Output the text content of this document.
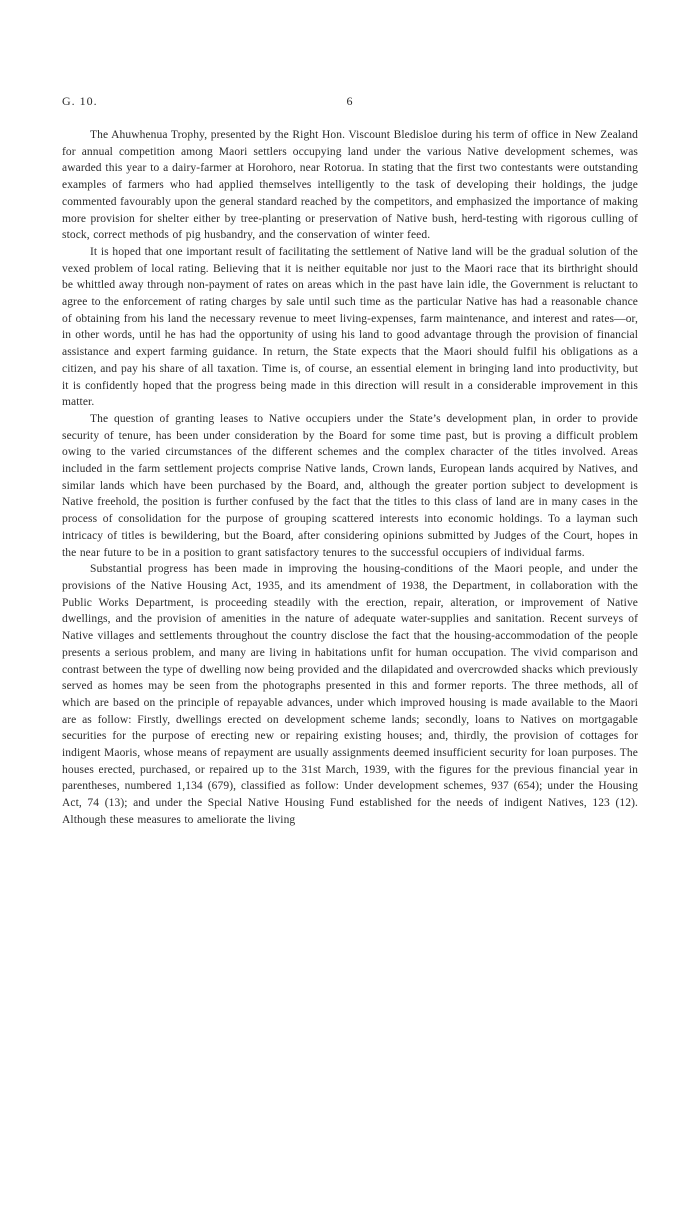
G. 10.	6

The Ahuwhenua Trophy, presented by the Right Hon. Viscount Bledisloe during his term of office in New Zealand for annual competition among Maori settlers occupying land under the various Native development schemes, was awarded this year to a dairy-farmer at Horohoro, near Rotorua. In stating that the first two contestants were outstanding examples of farmers who had applied themselves intelligently to the task of developing their holdings, the judge commented favourably upon the general standard reached by the competitors, and emphasized the importance of making more provision for shelter either by tree-planting or preservation of Native bush, herd-testing with rigorous culling of stock, correct methods of pig husbandry, and the conservation of winter feed.

It is hoped that one important result of facilitating the settlement of Native land will be the gradual solution of the vexed problem of local rating. Believing that it is neither equitable nor just to the Maori race that its birthright should be whittled away through non-payment of rates on areas which in the past have lain idle, the Government is reluctant to agree to the enforcement of rating charges by sale until such time as the particular Native has had a reasonable chance of obtaining from his land the necessary revenue to meet living-expenses, farm maintenance, and interest and rates—or, in other words, until he has had the opportunity of using his land to good advantage through the provision of financial assistance and expert farming guidance. In return, the State expects that the Maori should fulfil his obligations as a citizen, and pay his share of all taxation. Time is, of course, an essential element in bringing land into productivity, but it is confidently hoped that the progress being made in this direction will result in a considerable improvement in this matter.

The question of granting leases to Native occupiers under the State’s development plan, in order to provide security of tenure, has been under consideration by the Board for some time past, but is proving a difficult problem owing to the varied circumstances of the different schemes and the complex character of the titles involved. Areas included in the farm settlement projects comprise Native lands, Crown lands, European lands acquired by Natives, and similar lands which have been purchased by the Board, and, although the greater portion subject to development is Native freehold, the position is further confused by the fact that the titles to this class of land are in many cases in the process of consolidation for the purpose of grouping scattered interests into economic holdings. To a layman such intricacy of titles is bewildering, but the Board, after considering opinions submitted by Judges of the Court, hopes in the near future to be in a position to grant satisfactory tenures to the successful occupiers of individual farms.

Substantial progress has been made in improving the housing-conditions of the Maori people, and under the provisions of the Native Housing Act, 1935, and its amendment of 1938, the Department, in collaboration with the Public Works Department, is proceeding steadily with the erection, repair, alteration, or improvement of Native dwellings, and the provision of amenities in the nature of adequate water-supplies and sanitation. Recent surveys of Native villages and settlements throughout the country disclose the fact that the housing-accommodation of the people presents a serious problem, and many are living in habitations unfit for human occupation. The vivid comparison and contrast between the type of dwelling now being provided and the dilapidated and overcrowded shacks which previously served as homes may be seen from the photographs presented in this and former reports. The three methods, all of which are based on the principle of repayable advances, under which improved housing is made available to the Maori are as follow: Firstly, dwellings erected on development scheme lands; secondly, loans to Natives on mortgagable securities for the purpose of erecting new or repairing existing houses; and, thirdly, the provision of cottages for indigent Maoris, whose means of repayment are usually assignments deemed insufficient security for loan purposes. The houses erected, purchased, or repaired up to the 31st March, 1939, with the figures for the previous financial year in parentheses, numbered 1,134 (679), classified as follow: Under development schemes, 937 (654); under the Housing Act, 74 (13); and under the Special Native Housing Fund established for the needs of indigent Natives, 123 (12). Although these measures to ameliorate the living
